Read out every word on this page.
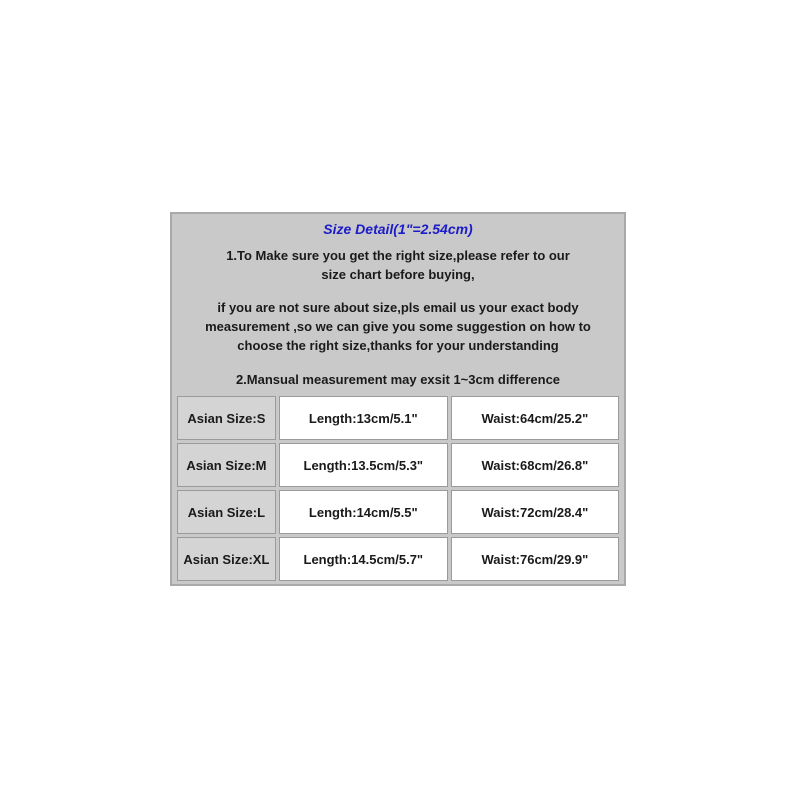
Size Detail(1"=2.54cm)
1.To Make sure you get the right size,please refer to our size chart before buying,
if you are not sure about size,pls email us your exact body measurement ,so we can give you some suggestion on how to choose the right size,thanks for your understanding
2.Mansual measurement may exsit 1~3cm difference
Asian Size:S	Length:13cm/5.1"	Waist:64cm/25.2"
Asian Size:M	Length:13.5cm/5.3"	Waist:68cm/26.8"
Asian Size:L	Length:14cm/5.5"	Waist:72cm/28.4"
Asian Size:XL	Length:14.5cm/5.7"	Waist:76cm/29.9"
